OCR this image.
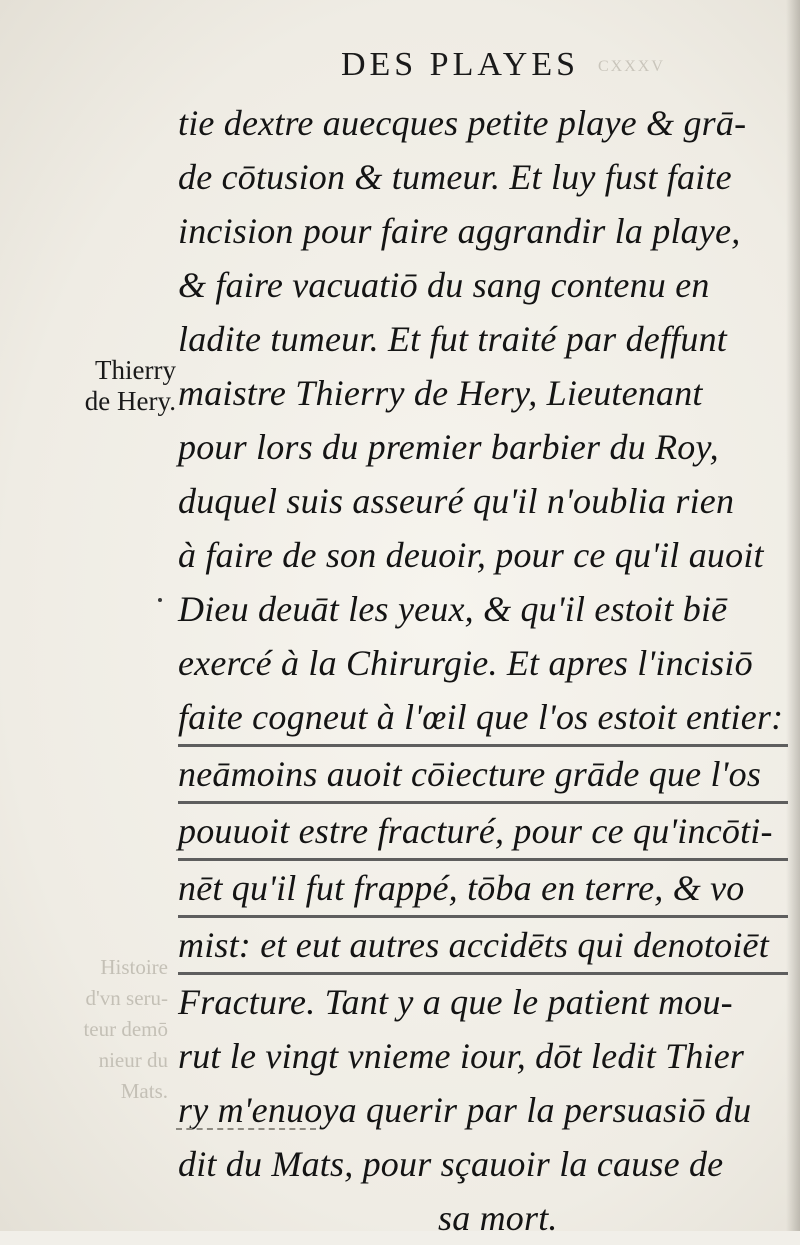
CXXXV
DES PLAYES
Thierry
de Hery.
Histoire
d'vn seru-
teur demō
nieur du
Mats.
tie dextre auecques petite playe & grā-
de cōtusion & tumeur. Et luy fust faite
incision pour faire aggrandir la playe,
& faire vacuatiō du sang contenu en
ladite tumeur. Et fut traité par deffunt
maistre Thierry de Hery, Lieutenant
pour lors du premier barbier du Roy,
duquel suis asseuré qu'il n'oublia rien
à faire de son deuoir, pour ce qu'il auoit
Dieu deuāt les yeux, & qu'il estoit biē
exercé à la Chirurgie. Et apres l'incisiō
faite cogneut à l'œil que l'os estoit entier:
neāmoins auoit cōiecture grāde que l'os
pouuoit estre fracturé, pour ce qu'incōti-
nēt qu'il fut frappé, tōba en terre, & vo
mist: et eut autres accidēts qui denotoiēt
Fracture. Tant y a que le patient mou-
rut le vingt vnieme iour, dōt ledit Thier
ry m'enuoya querir par la persuasiō du
dit du Mats, pour sçauoir la cause de
sa mort.
